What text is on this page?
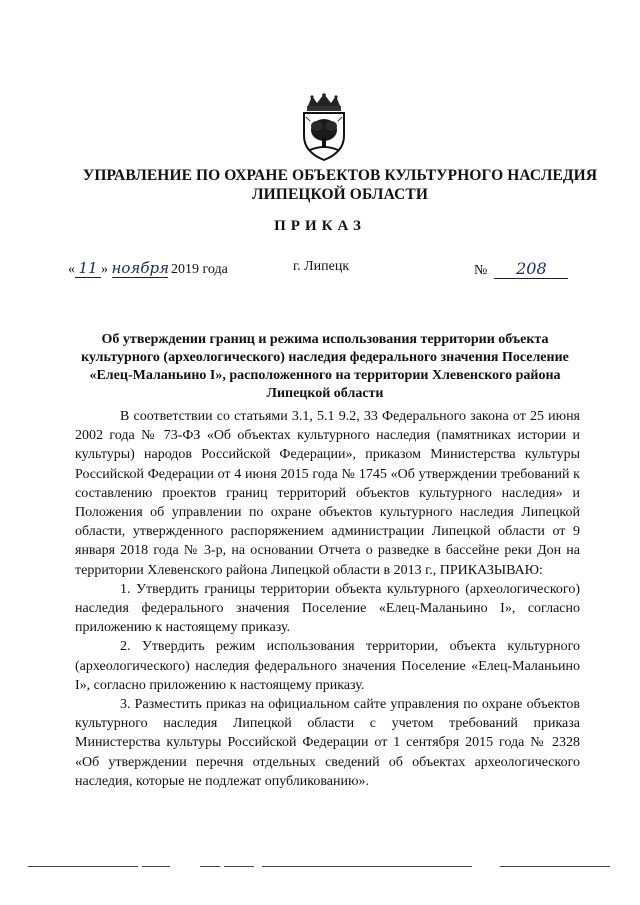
УПРАВЛЕНИЕ ПО ОХРАНЕ ОБЪЕКТОВ КУЛЬТУРНОГО НАСЛЕДИЯ
ЛИПЕЦКОЙ ОБЛАСТИ
ПРИКАЗ
« 11 » ноября 2019 года	г. Липецк	№ 208
Об утверждении границ и режима использования территории объекта
культурного (археологического) наследия федерального значения Поселение
«Елец-Маланьино I», расположенного на территории Хлевенского района
Липецкой области

В соответствии со статьями 3.1, 5.1 9.2, 33 Федерального закона от 25 июня 2002 года № 73-ФЗ «Об объектах культурного наследия (памятниках истории и культуры) народов Российской Федерации», приказом Министерства культуры Российской Федерации от 4 июня 2015 года № 1745 «Об утверждении требований к составлению проектов границ территорий объектов культурного наследия» и Положения об управлении по охране объектов культурного наследия Липецкой области, утвержденного распоряжением администрации Липецкой области от 9 января 2018 года № 3-р, на основании Отчета о разведке в бассейне реки Дон на территории Хлевенского района Липецкой области в 2013 г., ПРИКАЗЫВАЮ:

1. Утвердить границы территории объекта культурного (археологического) наследия федерального значения Поселение «Елец-Маланьино I», согласно приложению к настоящему приказу.

2. Утвердить режим использования территории, объекта культурного (археологического) наследия федерального значения Поселение «Елец-Маланьино I», согласно приложению к настоящему приказу.

3. Разместить приказ на официальном сайте управления по охране объектов культурного наследия Липецкой области с учетом требований приказа Министерства культуры Российской Федерации от 1 сентября 2015 года № 2328 «Об утверждении перечня отдельных сведений об объектах археологического наследия, которые не подлежат опубликованию».
